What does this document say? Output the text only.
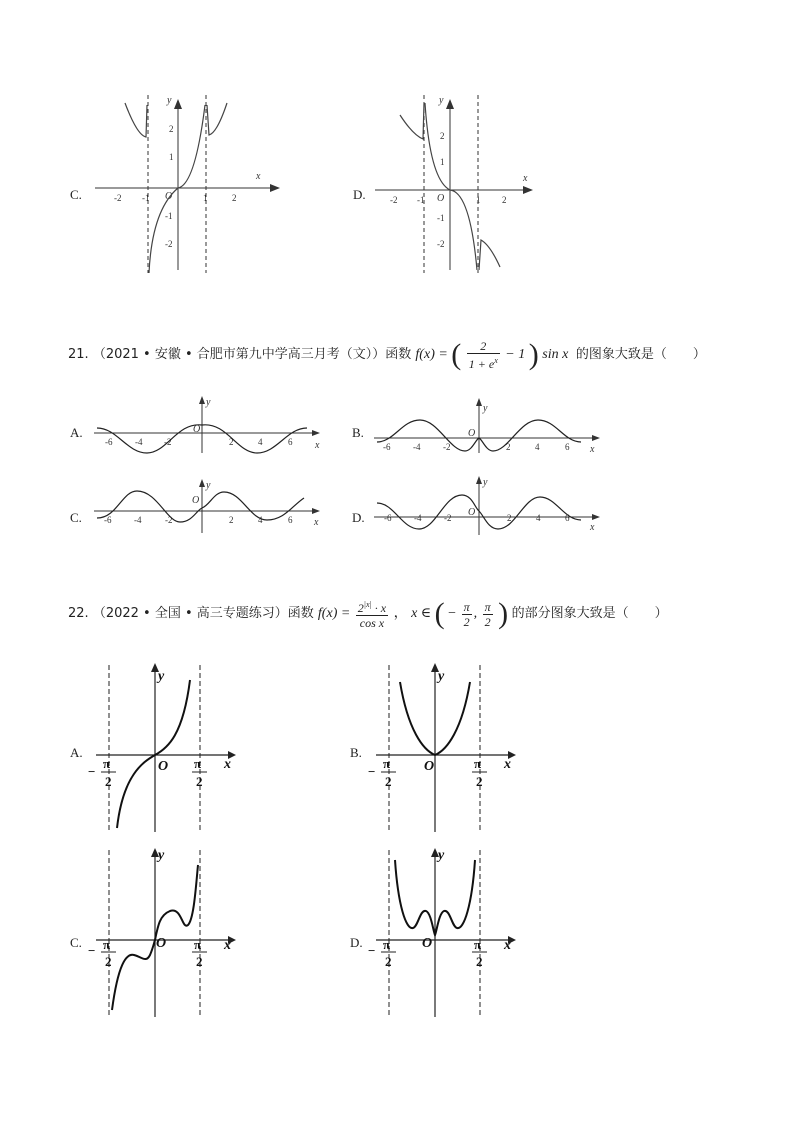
C.
x
y
O
-2 -1	1	2
2
1
-1
-2
D.
x
y
O
-2 -1	1 2
2
1
-1
-2
21. （2021 • 安徽 • 合肥市第九中学高三月考（文））函数 f(x) = ( $\frac{2}{1 + e^x} - 1$ ) sin x 的图象大致是（　　）
A.
y
x
O
-6	-4 -2	2	4	6
B.
y
x
O
-6	-4	-2	2	4	6
C.
y
x
O
-6	-4	-2	2	4	6	D.
y
x
O
-6	-4	-2	2	4	6
22. （2022 • 全国 • 高三专题练习）函数 $f(x) = \frac{2^{|x|} \cdot x}{\text{cos x}}$ ， x ∈ ( − $\frac{\pi}{2}$ , $\frac{\pi}{2}$ ) 的部分图象大致是（　　）
A.
y
x
O
−
π
2
π
2
B.
y
x
O
−
π
2
π
2
C.
y
x
O
− π
2
π
2
D.
y
x
O
− π
2
π
2
